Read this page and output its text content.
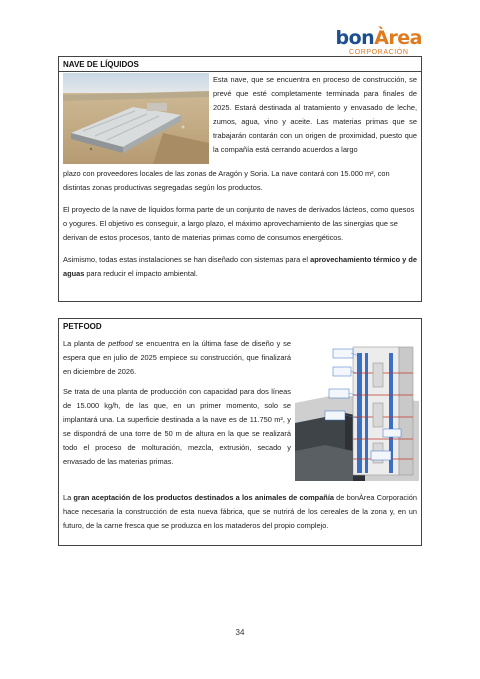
bonÀrea
CORPORACIÓN
NAVE DE LÍQUIDOS

Esta nave, que se encuentra en proceso de construcción, se prevé que esté completamente terminada para finales de 2025. Estará destinada al tratamiento y envasado de leche, zumos, agua, vino y aceite. Las materias primas que se trabajarán contarán con un origen de proximidad, puesto que la compañía está cerrando acuerdos a largo

plazo con proveedores locales de las zonas de Aragón y Soria. La nave contará con 15.000 m², con distintas zonas productivas segregadas según los productos.

El proyecto de la nave de líquidos forma parte de un conjunto de naves de derivados lácteos, como quesos o yogures. El objetivo es conseguir, a largo plazo, el máximo aprovechamiento de las sinergias que se derivan de estos procesos, tanto de materias primas como de consumos energéticos.

Asimismo, todas estas instalaciones se han diseñado con sistemas para el aprovechamiento térmico y de aguas para reducir el impacto ambiental.

PETFOOD

La planta de petfood se encuentra en la última fase de diseño y se espera que en julio de 2025 empiece su construcción, que finalizará en diciembre de 2026.

Se trata de una planta de producción con capacidad para dos líneas de 15.000 kg/h, de las que, en un primer momento, solo se implantará una. La superficie destinada a la nave es de 11.750 m², y se dispondrá de una torre de 50 m de altura en la que se realizará todo el proceso de molturación, mezcla, extrusión, secado y envasado de las materias primas.

La gran aceptación de los productos destinados a los animales de compañía de bonÀrea Corporación hace necesaria la construcción de esta nueva fábrica, que se nutrirá de los cereales de la zona y, en un futuro, de la carne fresca que se produzca en los mataderos del propio complejo.

34
